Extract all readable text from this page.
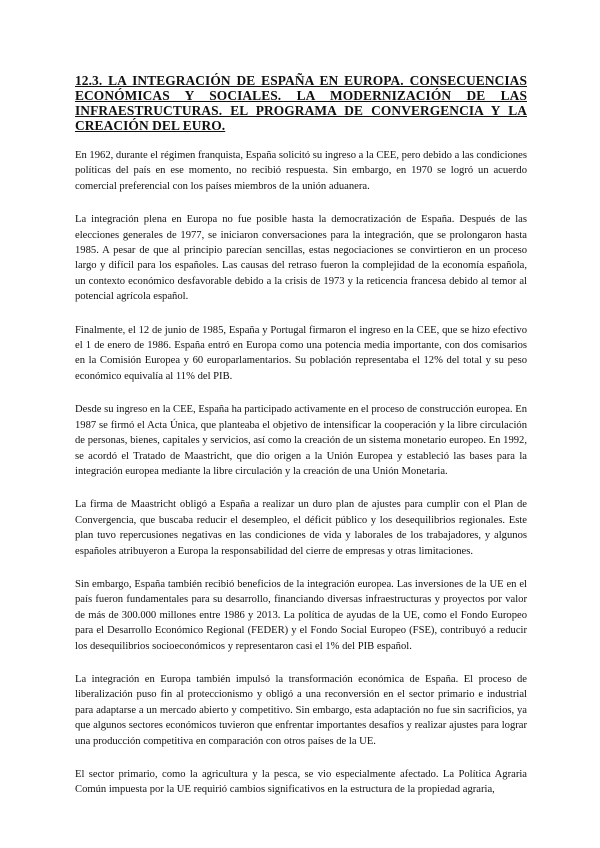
12.3. LA INTEGRACIÓN DE ESPAÑA EN EUROPA. CONSECUENCIAS ECONÓMICAS Y SOCIALES. LA MODERNIZACIÓN DE LAS INFRAESTRUCTURAS. EL PROGRAMA DE CONVERGENCIA Y LA CREACIÓN DEL EURO.

En 1962, durante el régimen franquista, España solicitó su ingreso a la CEE, pero debido a las condiciones políticas del país en ese momento, no recibió respuesta. Sin embargo, en 1970 se logró un acuerdo comercial preferencial con los países miembros de la unión aduanera.

La integración plena en Europa no fue posible hasta la democratización de España. Después de las elecciones generales de 1977, se iniciaron conversaciones para la integración, que se prolongaron hasta 1985. A pesar de que al principio parecían sencillas, estas negociaciones se convirtieron en un proceso largo y difícil para los españoles. Las causas del retraso fueron la complejidad de la economía española, un contexto económico desfavorable debido a la crisis de 1973 y la reticencia francesa debido al temor al potencial agrícola español.

Finalmente, el 12 de junio de 1985, España y Portugal firmaron el ingreso en la CEE, que se hizo efectivo el 1 de enero de 1986. España entró en Europa como una potencia media importante, con dos comisarios en la Comisión Europea y 60 europarlamentarios. Su población representaba el 12% del total y su peso económico equivalía al 11% del PIB.

Desde su ingreso en la CEE, España ha participado activamente en el proceso de construcción europea. En 1987 se firmó el Acta Única, que planteaba el objetivo de intensificar la cooperación y la libre circulación de personas, bienes, capitales y servicios, así como la creación de un sistema monetario europeo. En 1992, se acordó el Tratado de Maastricht, que dio origen a la Unión Europea y estableció las bases para la integración europea mediante la libre circulación y la creación de una Unión Monetaria.

La firma de Maastricht obligó a España a realizar un duro plan de ajustes para cumplir con el Plan de Convergencia, que buscaba reducir el desempleo, el déficit público y los desequilibrios regionales. Este plan tuvo repercusiones negativas en las condiciones de vida y laborales de los trabajadores, y algunos españoles atribuyeron a Europa la responsabilidad del cierre de empresas y otras limitaciones.

Sin embargo, España también recibió beneficios de la integración europea. Las inversiones de la UE en el país fueron fundamentales para su desarrollo, financiando diversas infraestructuras y proyectos por valor de más de 300.000 millones entre 1986 y 2013. La política de ayudas de la UE, como el Fondo Europeo para el Desarrollo Económico Regional (FEDER) y el Fondo Social Europeo (FSE), contribuyó a reducir los desequilibrios socioeconómicos y representaron casi el 1% del PIB español.

La integración en Europa también impulsó la transformación económica de España. El proceso de liberalización puso fin al proteccionismo y obligó a una reconversión en el sector primario e industrial para adaptarse a un mercado abierto y competitivo. Sin embargo, esta adaptación no fue sin sacrificios, ya que algunos sectores económicos tuvieron que enfrentar importantes desafíos y realizar ajustes para lograr una producción competitiva en comparación con otros países de la UE.

El sector primario, como la agricultura y la pesca, se vio especialmente afectado. La Política Agraria Común impuesta por la UE requirió cambios significativos en la estructura de la propiedad agraria,
